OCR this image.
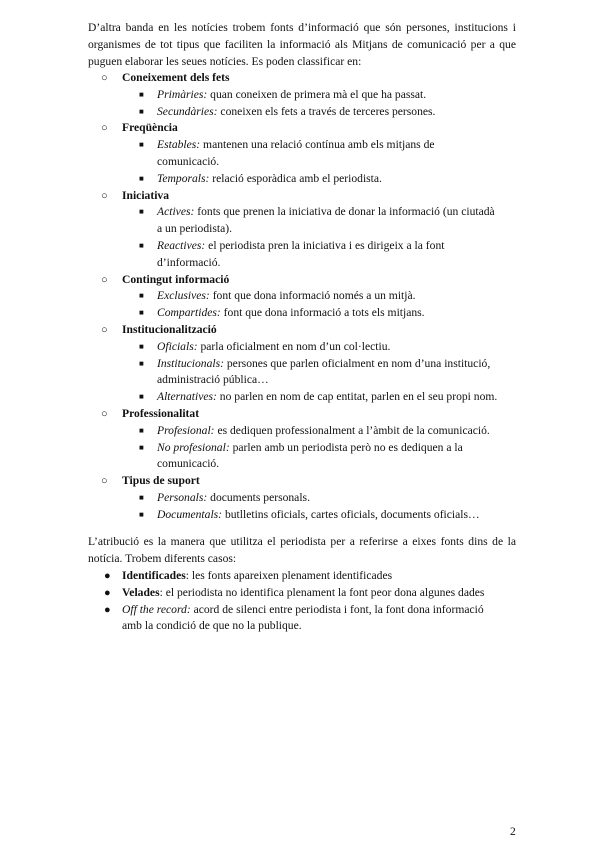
D’altra banda en les notícies trobem fonts d’informació que són persones, institucions i organismes de tot tipus que faciliten la informació als Mitjans de comunicació per a que puguen elaborar les seues notícies. Es poden classificar en:

○ Coneixement dels fets
■ Primàries: quan coneixen de primera mà el que ha passat.
■ Secundàries: coneixen els fets a través de terceres persones.
○ Freqüència
■ Estables: mantenen una relació contínua amb els mitjans de
comunicació.
■ Temporals: relació esporàdica amb el periodista.
○ Iniciativa
■ Actives: fonts que prenen la iniciativa de donar la informació (un ciutadà
a un periodista).
■ Reactives: el periodista pren la iniciativa i es dirigeix a la font
d’informació.
○ Contingut informació
■ Exclusives: font que dona informació només a un mitjà.
■ Compartides: font que dona informació a tots els mitjans.
○ Institucionalització
■ Oficials: parla oficialment en nom d’un col·lectiu.
■ Institucionals: persones que parlen oficialment en nom d’una institució,
administració pública…
■ Alternatives: no parlen en nom de cap entitat, parlen en el seu propi nom.
○ Professionalitat
■ Profesional: es dediquen professionalment a l’àmbit de la comunicació.
■ No profesional: parlen amb un periodista però no es dediquen a la
comunicació.
○ Tipus de suport
■ Personals: documents personals.
■ Documentals: butlletins oficials, cartes oficials, documents oficials…

L’atribució es la manera que utilitza el periodista per a referirse a eixes fonts dins de la notícia. Trobem diferents casos:

● Identificades: les fonts apareixen plenament identificades
● Velades: el periodista no identifica plenament la font peor dona algunes dades
● Off the record: acord de silenci entre periodista i font, la font dona informació
amb la condició de que no la publique.
2
